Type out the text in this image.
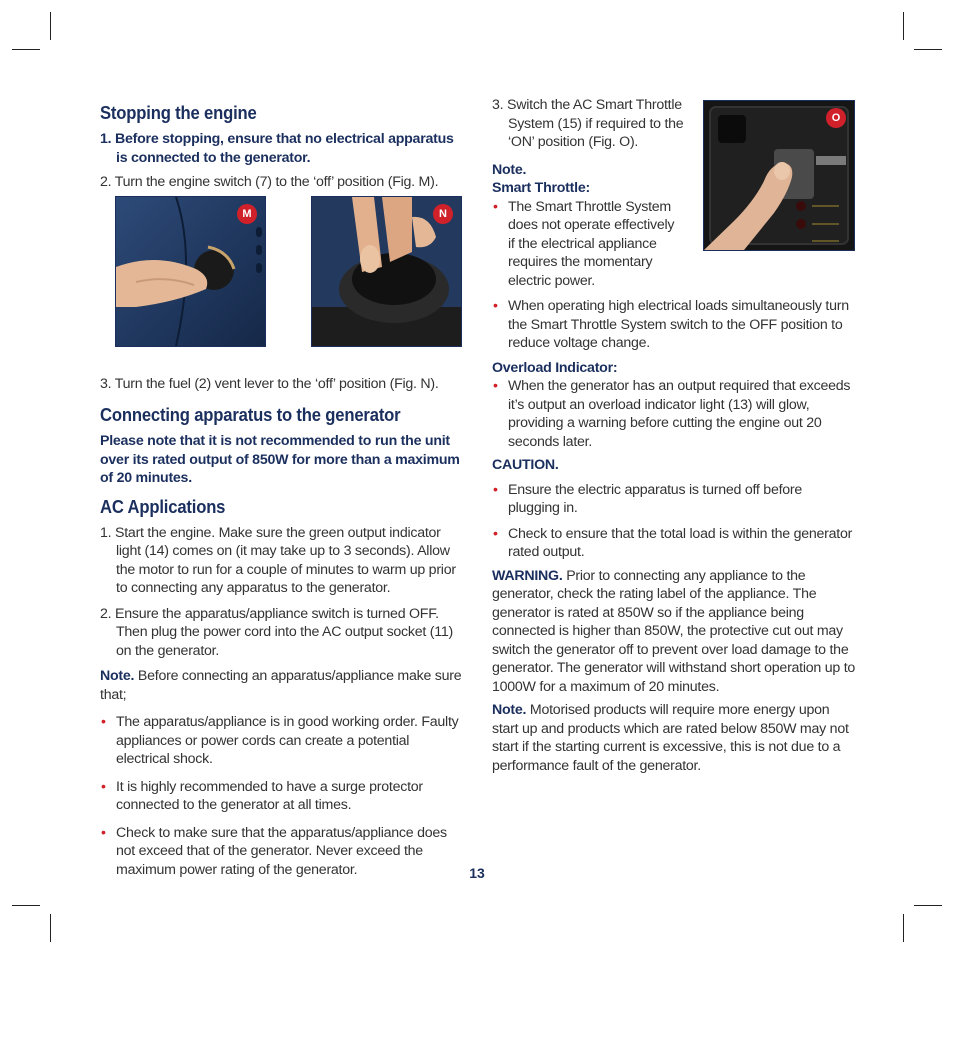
Stopping the engine
1. Before stopping, ensure that no electrical apparatus is connected to the generator.
2. Turn the engine switch (7) to the ‘off’ position (Fig. M).
3. Turn the fuel (2) vent lever to the ‘off’ position (Fig. N).
Connecting apparatus to the generator
Please note that it is not recommended to run the unit over its rated output of 850W for more than a maximum of 20 minutes.
AC Applications
1. Start the engine. Make sure the green output indicator light (14) comes on (it may take up to 3 seconds). Allow the motor to run for a couple of minutes to warm up prior to connecting any apparatus to the generator.
2. Ensure the apparatus/appliance switch is turned OFF. Then plug the power cord into the AC output socket (11) on the generator.
Note. Before connecting an apparatus/appliance make sure that;
• The apparatus/appliance is in good working order. Faulty appliances or power cords can create a potential electrical shock.
• It is highly recommended to have a surge protector connected to the generator at all times.
• Check to make sure that the apparatus/appliance does not exceed that of the generator. Never exceed the maximum power rating of the generator.
M	N
3. Switch the AC Smart Throttle System (15) if required to the ‘ON’ position (Fig. O).
Note.
Smart Throttle:
• The Smart Throttle System does not operate effectively if the electrical appliance requires the momentary electric power.
• When operating high electrical loads simultaneously turn the Smart Throttle System switch to the OFF position to reduce voltage change.
Overload Indicator:
• When the generator has an output required that exceeds it’s output an overload indicator light (13) will glow, providing a warning before cutting the engine out 20 seconds later.
CAUTION.
• Ensure the electric apparatus is turned off before plugging in.
• Check to ensure that the total load is within the generator rated output.
WARNING. Prior to connecting any appliance to the generator, check the rating label of the appliance. The generator is rated at 850W so if the appliance being connected is higher than 850W, the protective cut out may switch the generator off to prevent over load damage to the generator. The generator will withstand short operation up to 1000W for a maximum of 20 minutes.
Note. Motorised products will require more energy upon start up and products which are rated below 850W may not start if the starting current is excessive, this is not due to a performance fault of the generator.
O
13
